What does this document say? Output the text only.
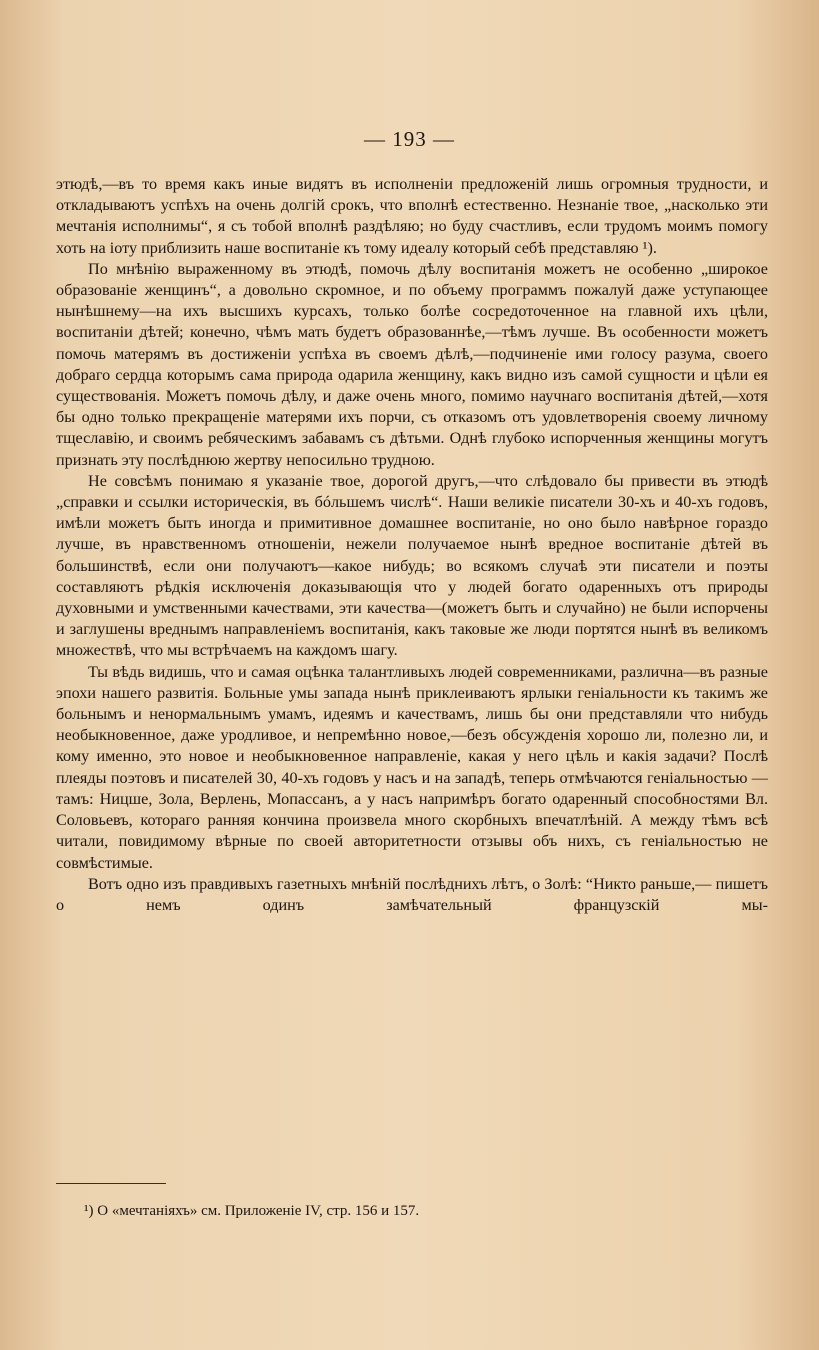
— 193 —

этюдѣ,—въ то время какъ иные видятъ въ исполненіи предложеній лишь огромныя трудности, и откладываютъ успѣхъ на очень долгій срокъ, что вполнѣ естественно. Незнаніе твое, „насколько эти мечтанія исполнимы“, я съ тобой вполнѣ раздѣляю; но буду счастливъ, если трудомъ моимъ помогу хоть на іоту приблизить наше воспитаніе къ тому идеалу который себѣ представляю ¹).

По мнѣнію выраженному въ этюдѣ, помочь дѣлу воспитанія можетъ не особенно „широкое образованіе женщинъ“, а довольно скромное, и по объему программъ пожалуй даже уступающее нынѣшнему—на ихъ высшихъ курсахъ, только болѣе сосредоточенное на главной ихъ цѣли, воспитаніи дѣтей; конечно, чѣмъ мать будетъ образованнѣе,—тѣмъ лучше. Въ особенности можетъ помочь матерямъ въ достиженіи успѣха въ своемъ дѣлѣ,—подчиненіе ими голосу разума, своего добраго сердца которымъ сама природа одарила женщину, какъ видно изъ самой сущности и цѣли ея существованія. Можетъ помочь дѣлу, и даже очень много, помимо научнаго воспитанія дѣтей,—хотя бы одно только прекращеніе матерями ихъ порчи, съ отказомъ отъ удовлетворенія своему личному тщеславію, и своимъ ребяческимъ забавамъ съ дѣтьми. Однѣ глубоко испорченныя женщины могутъ признать эту послѣднюю жертву непосильно трудною.

Не совсѣмъ понимаю я указаніе твое, дорогой другъ,—что слѣдовало бы привести въ этюдѣ „справки и ссылки историческія, въ бóльшемъ числѣ“. Наши великіе писатели 30-хъ и 40-хъ годовъ, имѣли можетъ быть иногда и примитивное домашнее воспитаніе, но оно было навѣрное гораздо лучше, въ нравственномъ отношеніи, нежели получаемое нынѣ вредное воспитаніе дѣтей въ большинствѣ, если они получаютъ—какое нибудь; во всякомъ случаѣ эти писатели и поэты составляютъ рѣдкія исключенія доказывающія что у людей богато одаренныхъ отъ природы духовными и умственными качествами, эти качества—(можетъ быть и случайно) не были испорчены и заглушены вреднымъ направленіемъ воспитанія, какъ таковые же люди портятся нынѣ въ великомъ множествѣ, что мы встрѣчаемъ на каждомъ шагу.

Ты вѣдь видишь, что и самая оцѣнка талантливыхъ людей современниками, различна—въ разные эпохи нашего развитія. Больные умы запада нынѣ приклеиваютъ ярлыки геніальности къ такимъ же больнымъ и ненормальнымъ умамъ, идеямъ и качествамъ, лишь бы они представляли что нибудь необыкновенное, даже уродливое, и непремѣнно новое,—безъ обсужденія хорошо ли, полезно ли, и кому именно, это новое и необыкновенное направленіе, какая у него цѣль и какія задачи? Послѣ плеяды поэтовъ и писателей 30, 40-хъ годовъ у насъ и на западѣ, теперь отмѣчаются геніальностью — тамъ: Ницше, Зола, Верлень, Мопассанъ, а у насъ напримѣръ богато одаренный способностями Вл. Соловьевъ, котораго ранняя кончина произвела много скорбныхъ впечатлѣній. А между тѣмъ всѣ читали, повидимому вѣрные по своей авторитетности отзывы объ нихъ, съ геніальностью не совмѣстимые.

Вотъ одно изъ правдивыхъ газетныхъ мнѣній послѣднихъ лѣтъ, о Золѣ: “Никто раньше,— пишетъ о немъ одинъ замѣчательный французскій мы-

¹) О «мечтаніяхъ» см. Приложеніе IV, стр. 156 и 157.
